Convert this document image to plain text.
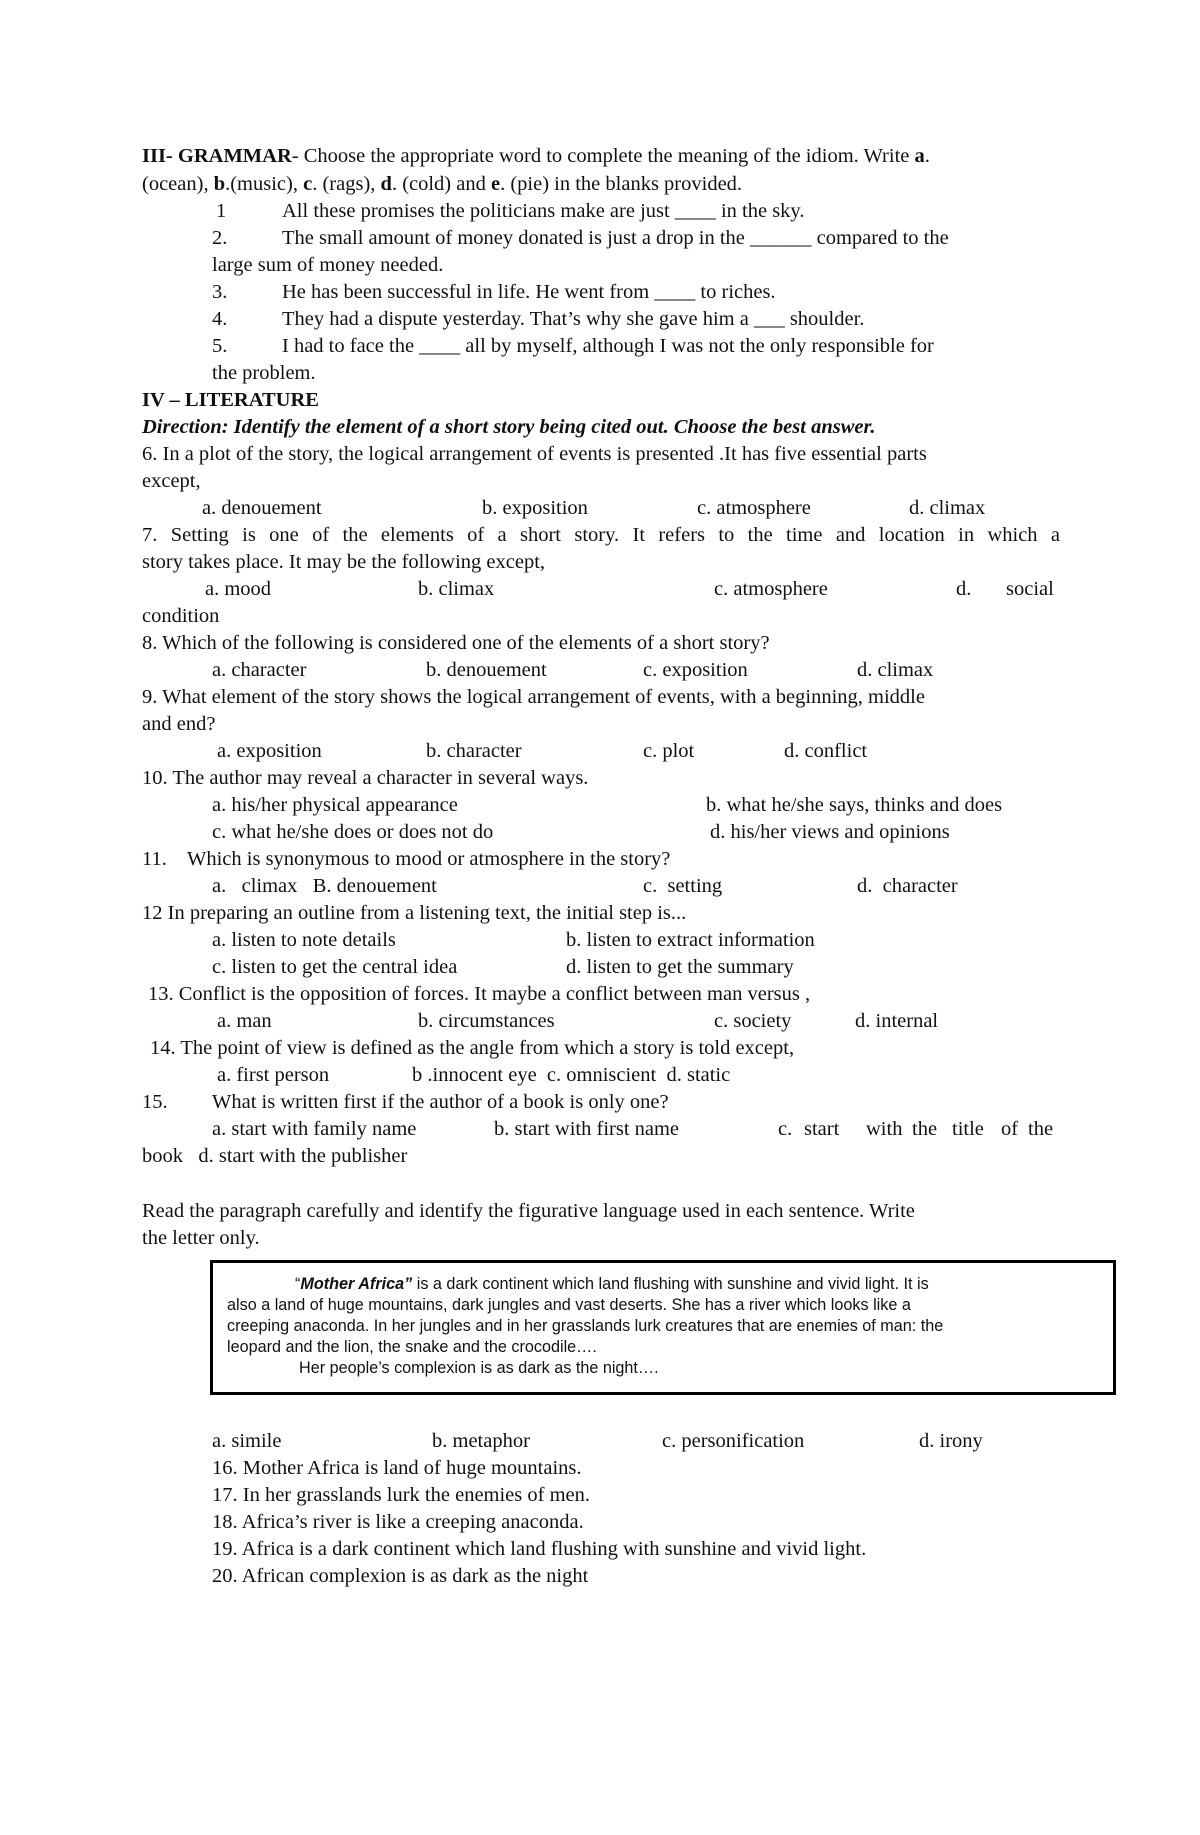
III- GRAMMAR- Choose the appropriate word to complete the meaning of the idiom. Write a.
(ocean), b.(music), c. (rags), d. (cold) and e. (pie) in the blanks provided.
1	All these promises the politicians make are just ____ in the sky.
2.	The small amount of money donated is just a drop in the ______ compared to the
large sum of money needed.
3.	He has been successful in life. He went from ____ to riches.
4.	They had a dispute yesterday. That’s why she gave him a ___ shoulder.
5.	I had to face the ____ all by myself, although I was not the only responsible for
the problem.
IV – LITERATURE
Direction: Identify the element of a short story being cited out. Choose the best answer.
6. In a plot of the story, the logical arrangement of events is presented .It has five essential parts
except,
a. denouement	b. exposition	c. atmosphere	d. climax
7. Setting is one of the elements of a short story. It refers to the time and location in which a
story takes place. It may be the following except,
a. mood	b. climax	c. atmosphere	d. social
condition
8. Which of the following is considered one of the elements of a short story?
a. character	b. denouement	c. exposition	d. climax
9. What element of the story shows the logical arrangement of events, with a beginning, middle
and end?
a. exposition	b. character	c. plot	d. conflict
10. The author may reveal a character in several ways.
a. his/her physical appearance	b. what he/she says, thinks and does
c. what he/she does or does not do	d. his/her views and opinions
11. Which is synonymous to mood or atmosphere in the story?
a.   climax   B. denouement	c.  setting	d.  character
12 In preparing an outline from a listening text, the initial step is...
a. listen to note details	b. listen to extract information
c. listen to get the central idea	d. listen to get the summary
13. Conflict is the opposition of forces. It maybe a conflict between man versus ,
a. man	b. circumstances	c. society	d. internal
14. The point of view is defined as the angle from which a story is told except,
a. first person	b .innocent eye  c. omniscient  d. static
15. What is written first if the author of a book is only one?
a. start with family name	b. start with first name	c. start with the title of the
book   d. start with the publisher
Read the paragraph carefully and identify the figurative language used in each sentence. Write
the letter only.
“Mother Africa” is a dark continent which land flushing with sunshine and vivid light. It is
also a land of huge mountains, dark jungles and vast deserts. She has a river which looks like a
creeping anaconda. In her jungles and in her grasslands lurk creatures that are enemies of man: the
leopard and the lion, the snake and the crocodile….
Her people’s complexion is as dark as the night….
a. simile	b. metaphor	c. personification	d. irony
16. Mother Africa is land of huge mountains.
17. In her grasslands lurk the enemies of men.
18. Africa’s river is like a creeping anaconda.
19. Africa is a dark continent which land flushing with sunshine and vivid light.
20. African complexion is as dark as the night
